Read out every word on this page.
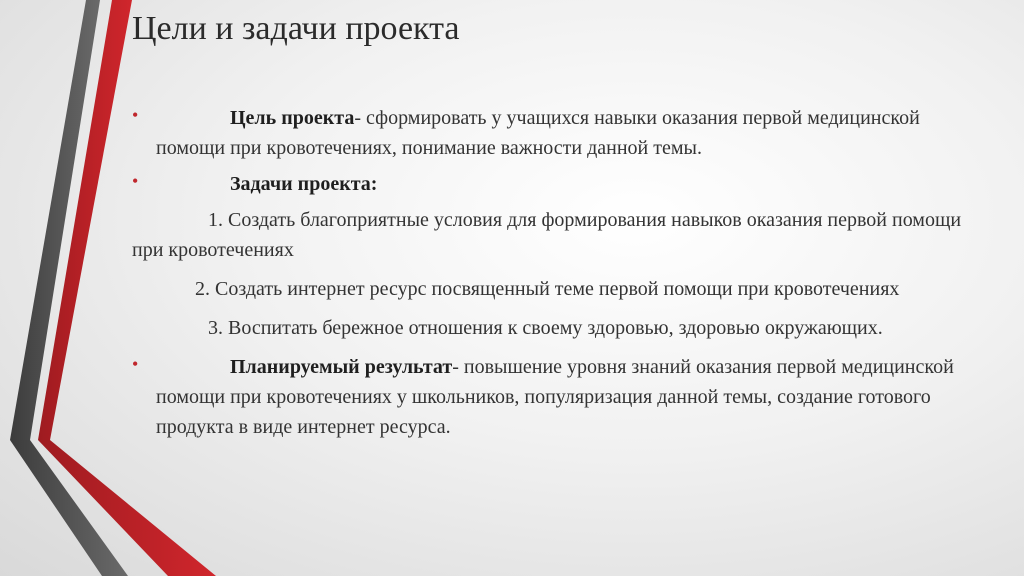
Цели и задачи проекта
•	Цель проекта- сформировать у учащихся навыки оказания первой медицинской помощи при кровотечениях, понимание важности данной темы.
•	Задачи проекта:

1. Создать благоприятные условия для формирования навыков оказания первой помощи при кровотечениях

2. Создать интернет ресурс посвященный теме первой помощи при кровотечениях

3. Воспитать бережное отношения к своему здоровью, здоровью окружающих.

•	Планируемый результат- повышение уровня знаний оказания первой медицинской помощи при кровотечениях у школьников, популяризация данной темы, создание готового продукта в виде интернет ресурса.
